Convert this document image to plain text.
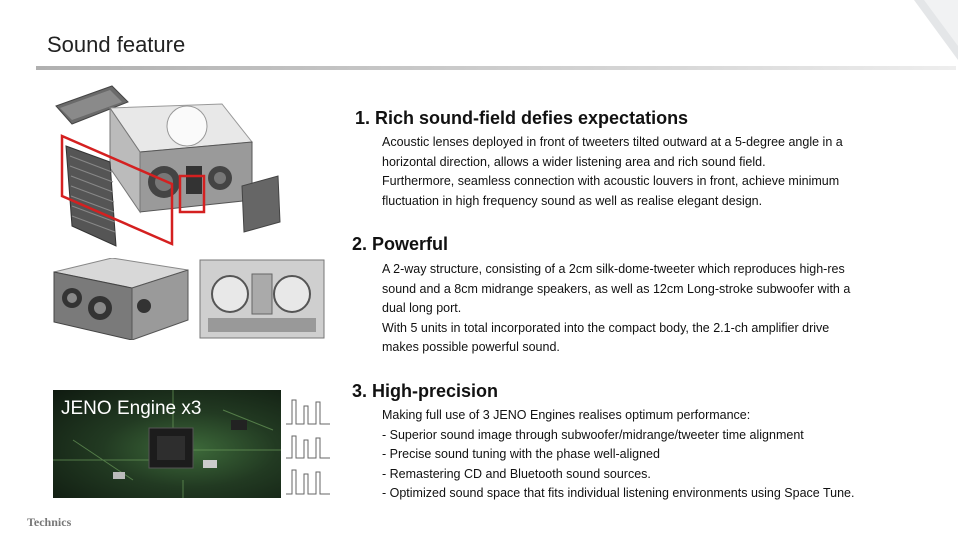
Sound feature
JENO Engine x3
1. Rich sound-field defies expectations
Acoustic lenses deployed in front of tweeters tilted outward at a 5-degree angle in a
horizontal direction, allows a wider listening area and rich sound field.
Furthermore, seamless connection with acoustic louvers in front, achieve minimum
fluctuation in high frequency sound as well as realise elegant design.
2. Powerful
A 2-way structure, consisting of a 2cm silk-dome-tweeter which reproduces high-res
sound and a 8cm midrange speakers, as well as 12cm Long-stroke subwoofer with a
dual long port.
With 5 units in total incorporated into the compact body, the 2.1-ch amplifier drive
makes possible powerful sound.
3. High-precision
Making full use of 3 JENO Engines realises optimum performance:
- Superior sound image through subwoofer/midrange/tweeter time alignment
- Precise sound tuning with the phase well-aligned
- Remastering CD and Bluetooth sound sources.
- Optimized sound space that fits individual listening environments using Space Tune.
Technics
